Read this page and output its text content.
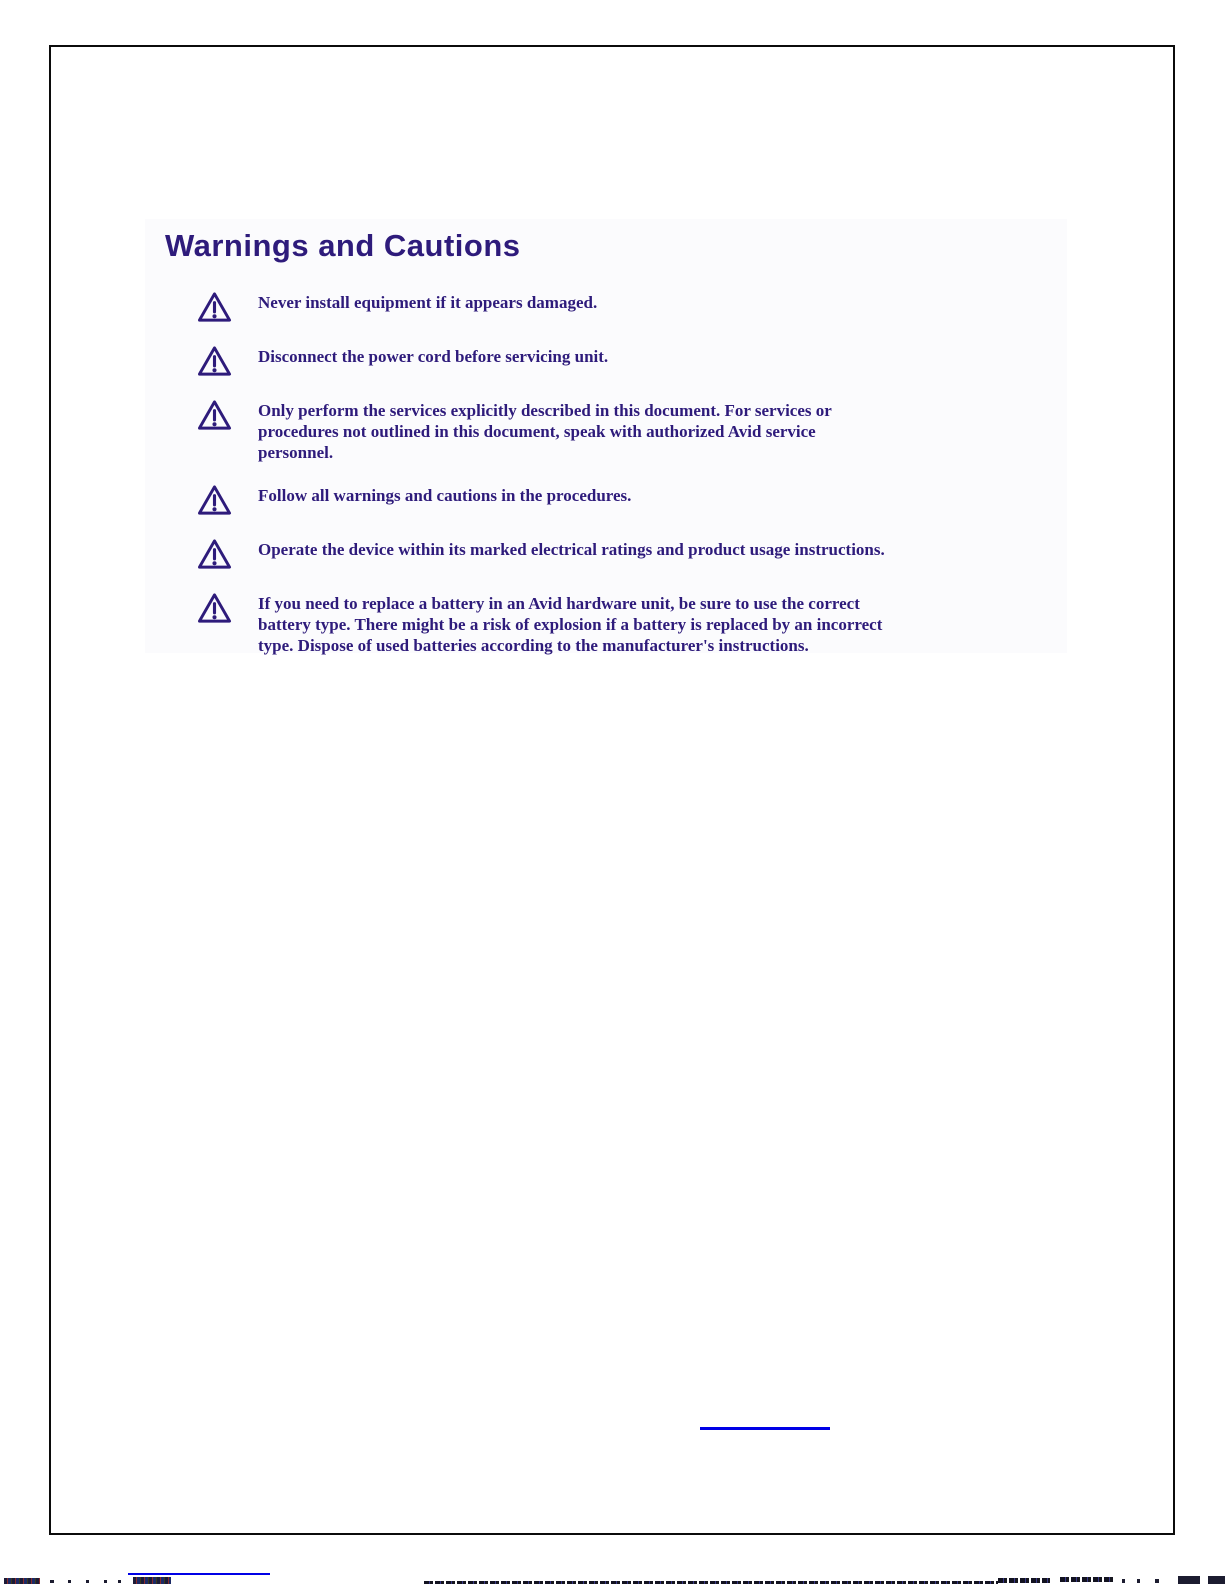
Warnings and Cautions
Never install equipment if it appears damaged.
Disconnect the power cord before servicing unit.
Only perform the services explicitly described in this document. For services or
procedures not outlined in this document, speak with authorized Avid service
personnel.
Follow all warnings and cautions in the procedures.
Operate the device within its marked electrical ratings and product usage instructions.
If you need to replace a battery in an Avid hardware unit, be sure to use the correct
battery type. There might be a risk of explosion if a battery is replaced by an incorrect
type. Dispose of used batteries according to the manufacturer's instructions.
